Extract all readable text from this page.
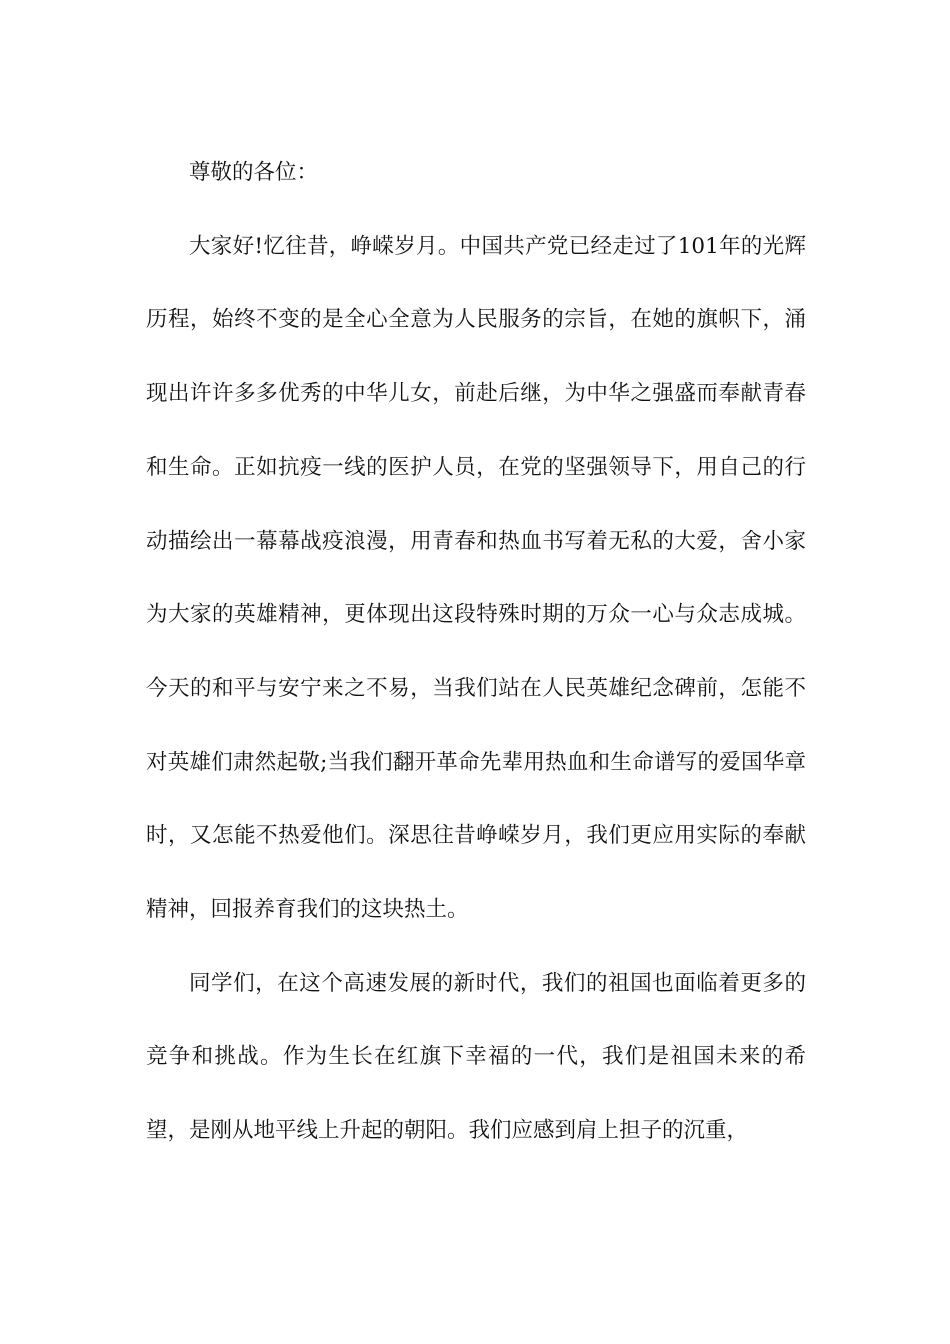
尊敬的各位：

大家好!忆往昔，峥嵘岁月。中国共产党已经走过了101年的光辉历程，始终不变的是全心全意为人民服务的宗旨，在她的旗帜下，涌现出许许多多优秀的中华儿女，前赴后继，为中华之强盛而奉献青春和生命。正如抗疫一线的医护人员，在党的坚强领导下，用自己的行动描绘出一幕幕战疫浪漫，用青春和热血书写着无私的大爱，舍小家为大家的英雄精神，更体现出这段特殊时期的万众一心与众志成城。今天的和平与安宁来之不易，当我们站在人民英雄纪念碑前，怎能不对英雄们肃然起敬;当我们翻开革命先辈用热血和生命谱写的爱国华章时，又怎能不热爱他们。深思往昔峥嵘岁月，我们更应用实际的奉献精神，回报养育我们的这块热土。

同学们，在这个高速发展的新时代，我们的祖国也面临着更多的竞争和挑战。作为生长在红旗下幸福的一代，我们是祖国未来的希望，是刚从地平线上升起的朝阳。我们应感到肩上担子的沉重，
